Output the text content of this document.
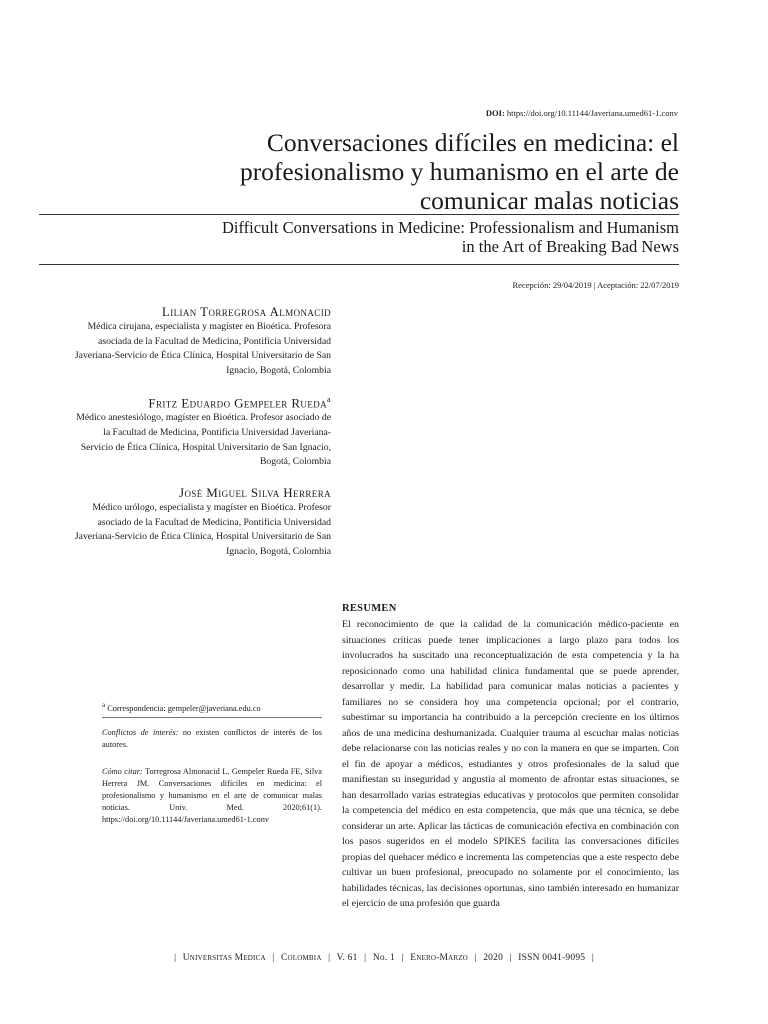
DOI: https://doi.org/10.11144/Javeriana.umed61-1.conv
Conversaciones difíciles en medicina: el
profesionalismo y humanismo en el arte de
comunicar malas noticias
Difficult Conversations in Medicine: Professionalism and Humanism
in the Art of Breaking Bad News
Recepción: 29/04/2019 | Aceptación: 22/07/2019
Lilian Torregrosa Almonacid
Médica cirujana, especialista y magíster en Bioética. Profesora asociada de la Facultad de Medicina, Pontificia Universidad Javeriana-Servicio de Ética Clínica, Hospital Universitario de San Ignacio, Bogotá, Colombia
Fritz Eduardo Gempeler Rueda$^a$
Médico anestesiólogo, magíster en Bioética. Profesor asociado de la Facultad de Medicina, Pontificia Universidad Javeriana-Servicio de Ética Clínica, Hospital Universitario de San Ignacio, Bogotá, Colombia
José Miguel Silva Herrera
Médico urólogo, especialista y magíster en Bioética. Profesor asociado de la Facultad de Medicina, Pontificia Universidad Javeriana-Servicio de Ética Clínica, Hospital Universitario de San Ignacio, Bogotá, Colombia
$^a$ Correspondencia: gempeler@javeriana.edu.co
Conflictos de interés: no existen conflictos de interés de los autores.
Cómo citar: Torregrosa Almonacid L, Gempeler Rueda FE, Silva Herrera JM. Conversaciones difíciles en medicina: el profesionalismo y humanismo en el arte de comunicar malas noticias. Univ. Med. 2020;61(1). https://doi.org/10.11144/Javeriana.umed61-1.conv
RESUMEN
El reconocimiento de que la calidad de la comunicación médico-paciente en situaciones críticas puede tener implicaciones a largo plazo para todos los involucrados ha suscitado una reconceptualización de esta competencia y la ha reposicionado como una habilidad clínica fundamental que se puede aprender, desarrollar y medir. La habilidad para comunicar malas noticias a pacientes y familiares no se considera hoy una competencia opcional; por el contrario, subestimar su importancia ha contribuido a la percepción creciente en los últimos años de una medicina deshumanizada. Cualquier trauma al escuchar malas noticias debe relacionarse con las noticias reales y no con la manera en que se imparten. Con el fin de apoyar a médicos, estudiantes y otros profesionales de la salud que manifiestan su inseguridad y angustia al momento de afrontar estas situaciones, se han desarrollado varias estrategias educativas y protocolos que permiten consolidar la competencia del médico en esta competencia, que más que una técnica, se debe considerar un arte. Aplicar las tácticas de comunicación efectiva en combinación con los pasos sugeridos en el modelo SPIKES facilita las conversaciones difíciles propias del quehacer médico e incrementa las competencias que a este respecto debe cultivar un buen profesional, preocupado no solamente por el conocimiento, las habilidades técnicas, las decisiones oportunas, sino también interesado en humanizar el ejercicio de una profesión que guarda
| Universitas Medica | Colombia | V. 61 | No. 1 | Enero-Marzo | 2020 | ISSN 0041-9095 |
